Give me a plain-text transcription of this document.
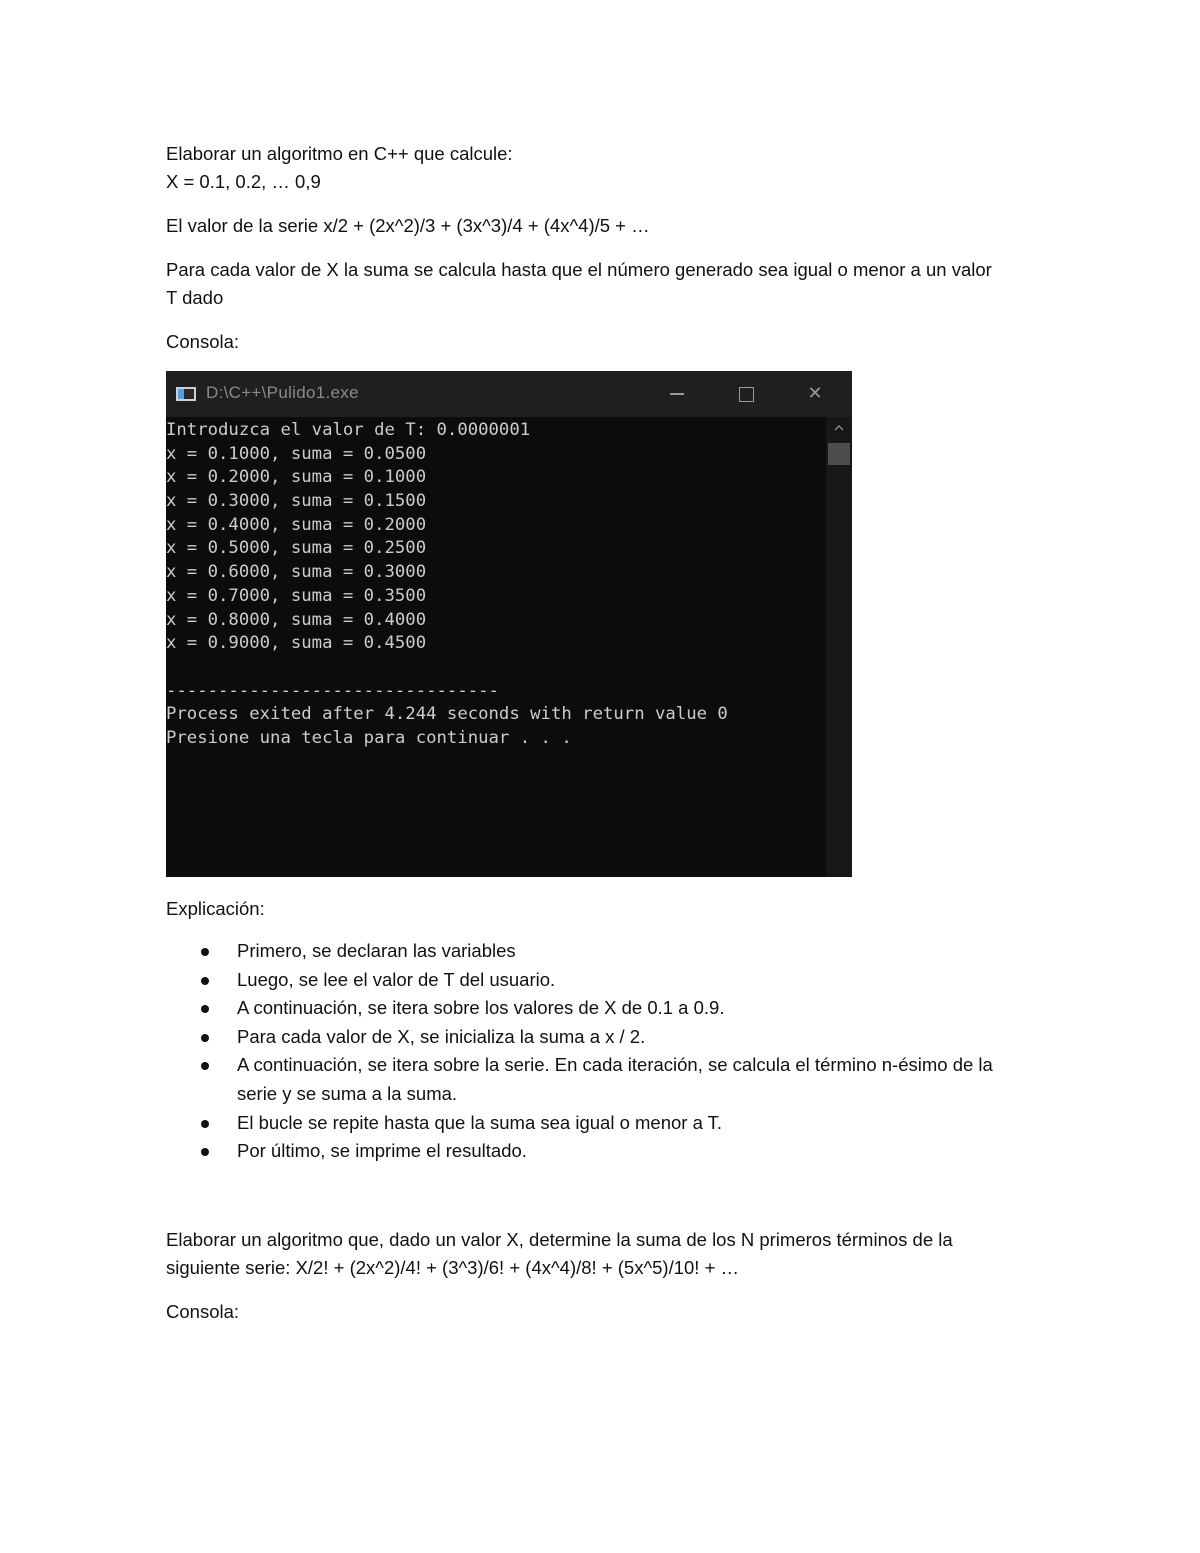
Elaborar un algoritmo en C++ que calcule:

X = 0.1, 0.2, … 0,9

El valor de la serie x/2 + (2x^2)/3 + (3x^3)/4 + (4x^4)/5 + …

Para cada valor de X la suma se calcula hasta que el número generado sea igual o menor a un valor

T dado

Consola:

D:\C++\Pulido1.exe	✕

Introduzca el valor de T: 0.0000001

x = 0.1000, suma = 0.0500

x = 0.2000, suma = 0.1000

x = 0.3000, suma = 0.1500

x = 0.4000, suma = 0.2000

x = 0.5000, suma = 0.2500

x = 0.6000, suma = 0.3000

x = 0.7000, suma = 0.3500

x = 0.8000, suma = 0.4000

x = 0.9000, suma = 0.4500

--------------------------------

Process exited after 4.244 seconds with return value 0

Presione una tecla para continuar . . .

Explicación:

Primero, se declaran las variables
Luego, se lee el valor de T del usuario.
A continuación, se itera sobre los valores de X de 0.1 a 0.9.
Para cada valor de X, se inicializa la suma a x / 2.
A continuación, se itera sobre la serie. En cada iteración, se calcula el término n-ésimo de la serie y se suma a la suma.
El bucle se repite hasta que la suma sea igual o menor a T.
Por último, se imprime el resultado.

Elaborar un algoritmo que, dado un valor X, determine la suma de los N primeros términos de la

siguiente serie: X/2! + (2x^2)/4! + (3^3)/6! + (4x^4)/8! + (5x^5)/10! + …

Consola:
